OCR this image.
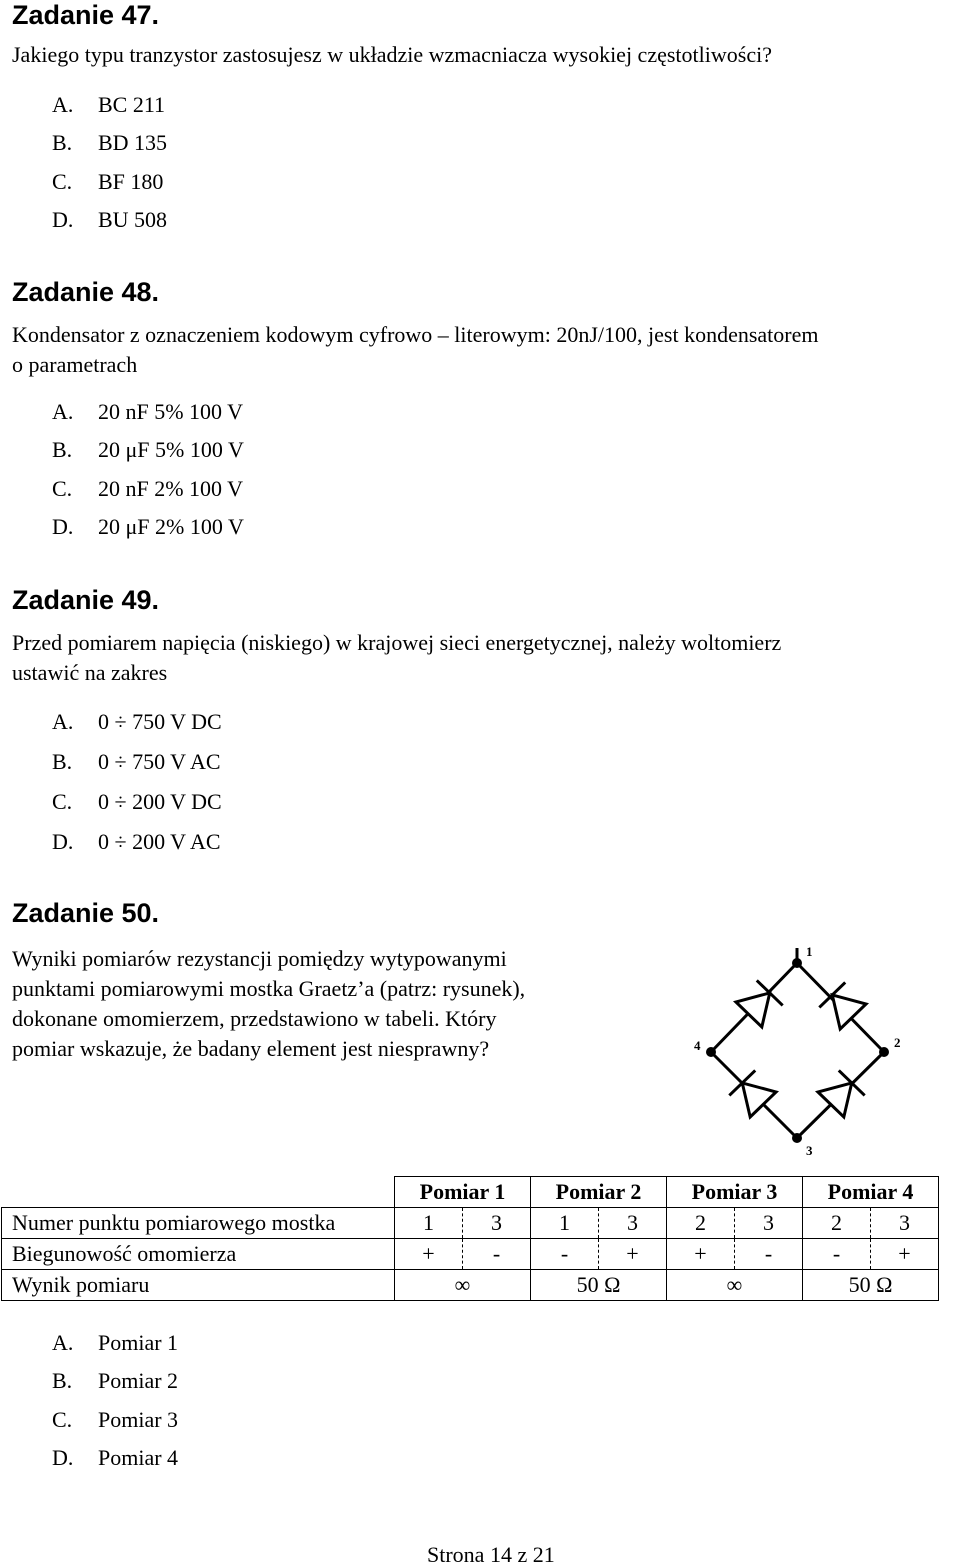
Zadanie 47.
Jakiego typu tranzystor zastosujesz w układzie wzmacniacza wysokiej częstotliwości?
A. BC 211
B. BD 135
C. BF 180
D. BU 508
Zadanie 48.
Kondensator z oznaczeniem kodowym cyfrowo – literowym: 20nJ/100, jest kondensatorem
o parametrach
A. 20 nF 5% 100 V
B. 20 μF 5% 100 V
C. 20 nF 2% 100 V
D. 20 μF 2% 100 V
Zadanie 49.
Przed pomiarem napięcia (niskiego) w krajowej sieci energetycznej, należy woltomierz
ustawić na zakres
A. 0 ÷ 750 V DC
B. 0 ÷ 750 V AC
C. 0 ÷ 200 V DC
D. 0 ÷ 200 V AC
Zadanie 50.
Wyniki pomiarów rezystancji pomiędzy wytypowanymi
punktami pomiarowymi mostka Graetz’a (patrz: rysunek),
dokonane omomierzem, przedstawiono w tabeli. Który
pomiar wskazuje, że badany element jest niesprawny?
1
2
3
4
	Pomiar 1		Pomiar 2		Pomiar 3		Pomiar 4	
Numer punktu pomiarowego mostka	1	3	1	3	2	3	2	3
Biegunowość omomierza	+	-	-	+	+	-	-	+
Wynik pomiaru	∞		50 Ω		∞		50 Ω	
A. Pomiar 1
B. Pomiar 2
C. Pomiar 3
D. Pomiar 4
Strona 14 z 21
